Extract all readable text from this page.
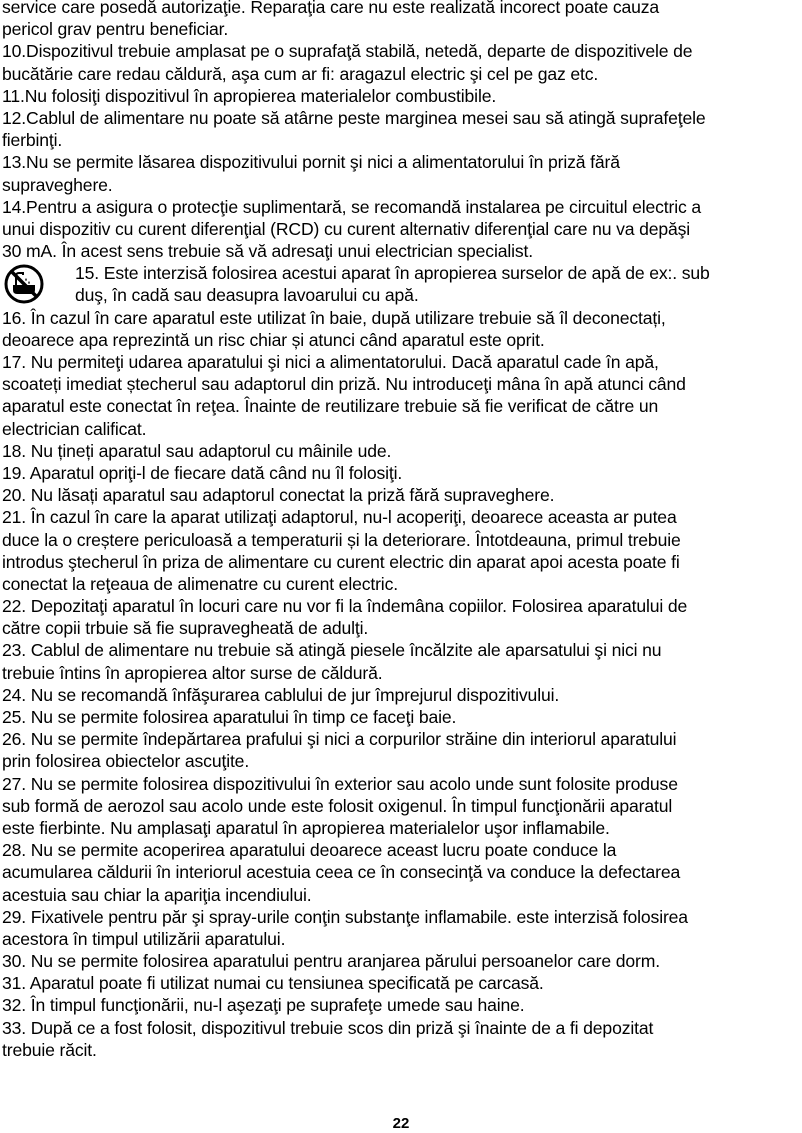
service care posedă autorizaţie. Reparaţia care nu este realizată incorect poate cauza
pericol grav pentru beneficiar.
10.Dispozitivul trebuie amplasat pe o suprafaţă stabilă, netedă, departe de dispozitivele de
bucătărie care redau căldură, aşa cum ar fi: aragazul electric şi cel pe gaz etc.
11.Nu folosiţi dispozitivul în apropierea materialelor combustibile.
12.Cablul de alimentare nu poate să atârne peste marginea mesei sau să atingă suprafeţele
fierbinţi.
13.Nu se permite lăsarea dispozitivului pornit şi nici a alimentatorului în priză fără
supraveghere.
14.Pentru a asigura o protecţie suplimentară, se recomandă instalarea pe circuitul electric a
unui dispozitiv cu curent diferenţial (RCD) cu curent alternativ diferenţial care nu va depăşi
30 mA. În acest sens trebuie să vă adresaţi unui electrician specialist.
15. Este interzisă folosirea acestui aparat în apropierea surselor de apă de ex:. sub
duş, în cadă sau deasupra lavoarului cu apă.
16. În cazul în care aparatul este utilizat în baie, după utilizare trebuie să îl deconectați,
deoarece apa reprezintă un risc chiar și atunci când aparatul este oprit.
17. Nu permiteţi udarea aparatului şi nici a alimentatorului. Dacă aparatul cade în apă,
scoateți imediat ștecherul sau adaptorul din priză. Nu introduceţi mâna în apă atunci când
aparatul este conectat în reţea. Înainte de reutilizare trebuie să fie verificat de către un
electrician calificat.
18. Nu țineți aparatul sau adaptorul cu mâinile ude.
19. Aparatul opriţi-l de fiecare dată când nu îl folosiţi.
20. Nu lăsați aparatul sau adaptorul conectat la priză fără supraveghere.
21. În cazul în care la aparat utilizaţi adaptorul, nu-l acoperiţi, deoarece aceasta ar putea
duce la o creștere periculoasă a temperaturii și la deteriorare. Întotdeauna, primul trebuie
introdus ştecherul în priza de alimentare cu curent electric din aparat apoi acesta poate fi
conectat la reţeaua de alimenatre cu curent electric.
22. Depozitaţi aparatul în locuri care nu vor fi la îndemâna copiilor. Folosirea aparatului de
către copii trbuie să fie supravegheată de adulţi.
23. Cablul de alimentare nu trebuie să atingă piesele încălzite ale aparsatului şi nici nu
trebuie întins în apropierea altor surse de căldură.
24. Nu se recomandă înfăşurarea cablului de jur împrejurul dispozitivului.
25. Nu se permite folosirea aparatului în timp ce faceţi baie.
26. Nu se permite îndepărtarea prafului şi nici a corpurilor străine din interiorul aparatului
prin folosirea obiectelor ascuţite.
27. Nu se permite folosirea dispozitivului în exterior sau acolo unde sunt folosite produse
sub formă de aerozol sau acolo unde este folosit oxigenul. În timpul funcţionării aparatul
este fierbinte. Nu amplasaţi aparatul în apropierea materialelor uşor inflamabile.
28. Nu se permite acoperirea aparatului deoarece aceast lucru poate conduce la
acumularea căldurii în interiorul acestuia ceea ce în consecinţă va conduce la defectarea
acestuia sau chiar la apariţia incendiului.
29. Fixativele pentru păr şi spray-urile conţin substanţe inflamabile. este interzisă folosirea
acestora în timpul utilizării aparatului.
30. Nu se permite folosirea aparatului pentru aranjarea părului persoanelor care dorm.
31. Aparatul poate fi utilizat numai cu tensiunea specificată pe carcasă.
32. În timpul funcţionării, nu-l aşezaţi pe suprafeţe umede sau haine.
33. După ce a fost folosit, dispozitivul trebuie scos din priză şi înainte de a fi depozitat
trebuie răcit.
22
